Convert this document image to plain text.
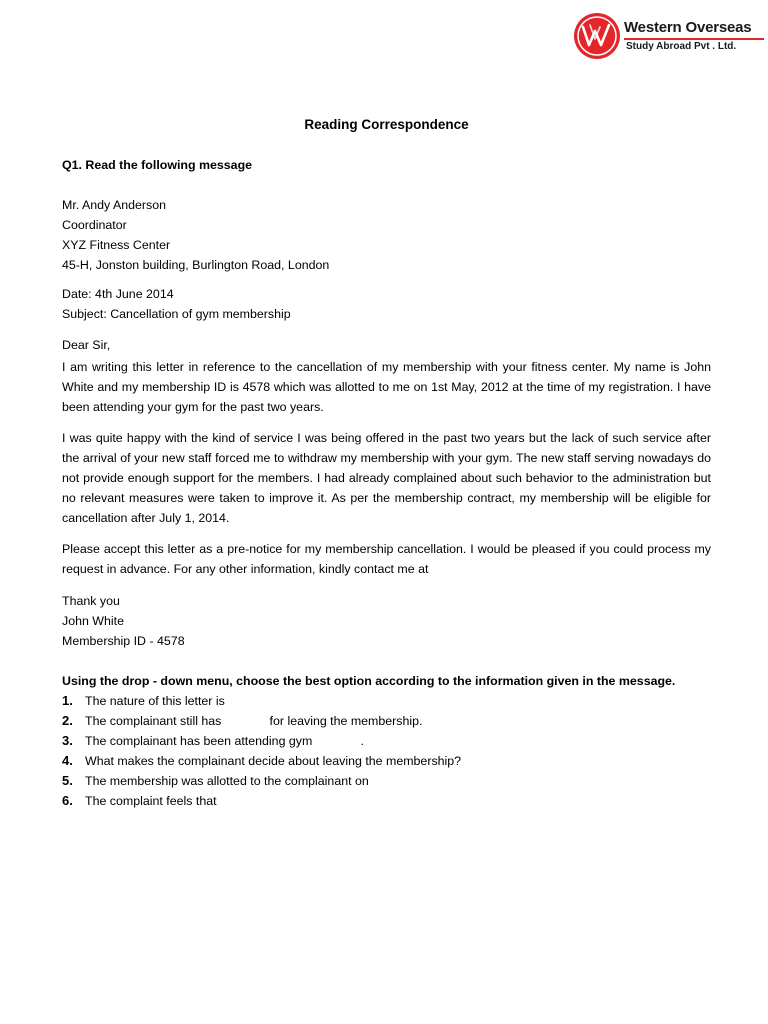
Western Overseas
Study Abroad Pvt . Ltd.
Reading Correspondence
Q1. Read the following message
Mr. Andy Anderson
Coordinator
XYZ Fitness Center
45-H, Jonston building, Burlington Road, London
Date: 4th June 2014
Subject: Cancellation of gym membership
Dear Sir,
I am writing this letter in reference to the cancellation of my membership with your fitness center. My name is John White and my membership ID is 4578 which was allotted to me on 1st May, 2012 at the time of my registration. I have been attending your gym for the past two years.
I was quite happy with the kind of service I was being offered in the past two years but the lack of such service after the arrival of your new staff forced me to withdraw my membership with your gym. The new staff serving nowadays do not provide enough support for the members. I had already complained about such behavior to the administration but no relevant measures were taken to improve it. As per the membership contract, my membership will be eligible for cancellation after July 1, 2014.
Please accept this letter as a pre-notice for my membership cancellation. I would be pleased if you could process my request in advance. For any other information, kindly contact me at
Thank you
John White
Membership ID - 4578
Using the drop - down menu, choose the best option according to the information given in the message.
1. The nature of this letter is
2. The complainant still has              for leaving the membership.
3. The complainant has been attending gym              .
4. What makes the complainant decide about leaving the membership?
5. The membership was allotted to the complainant on
6. The complaint feels that
